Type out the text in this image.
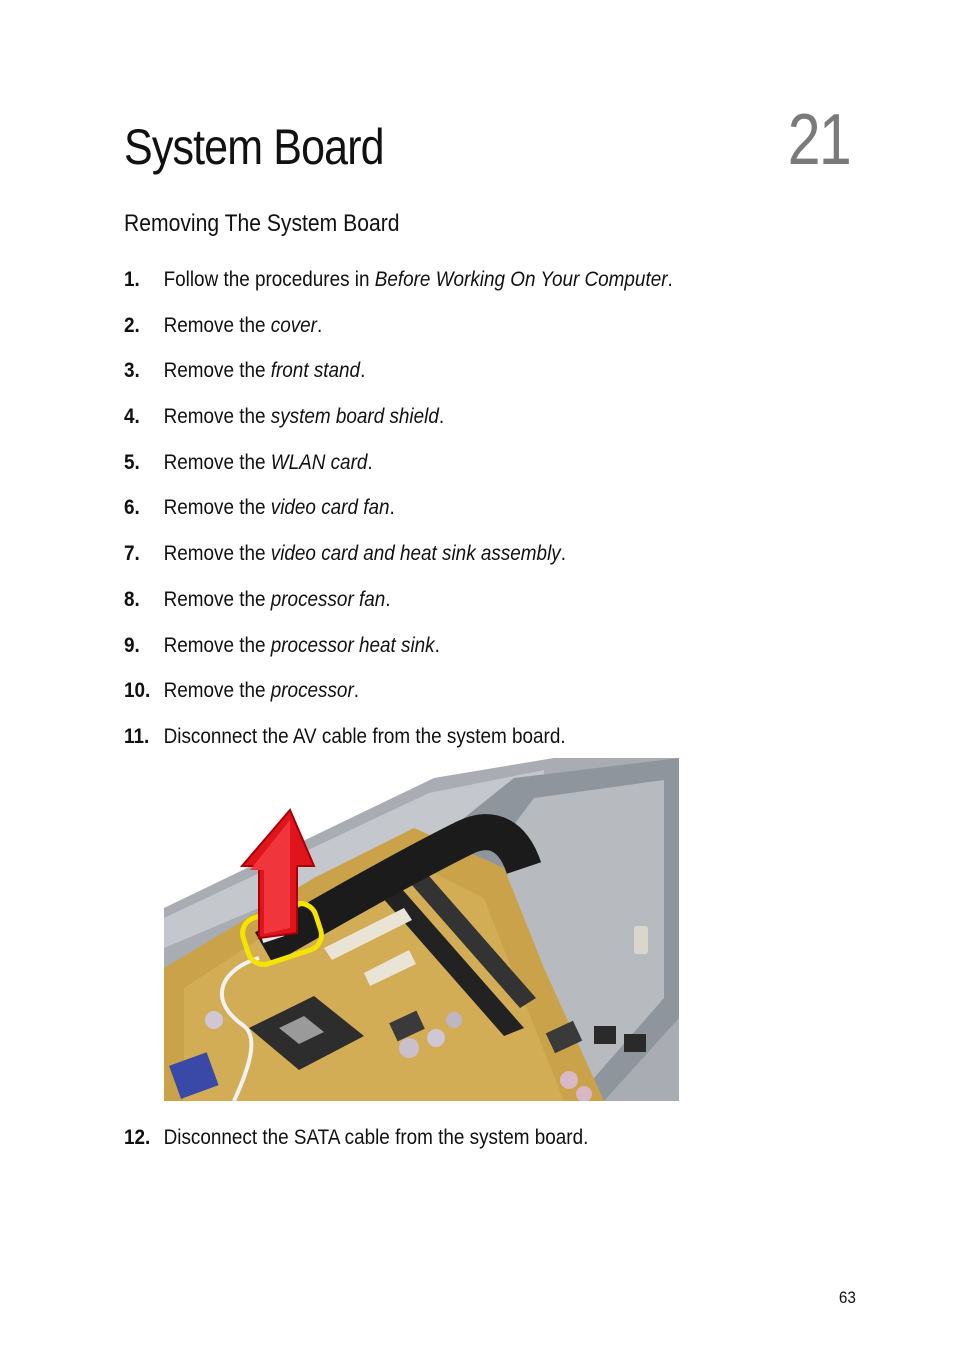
System Board	21
Removing The System Board
1. Follow the procedures in Before Working On Your Computer.
2. Remove the cover.
3. Remove the front stand.
4. Remove the system board shield.
5. Remove the WLAN card.
6. Remove the video card fan.
7. Remove the video card and heat sink assembly.
8. Remove the processor fan.
9. Remove the processor heat sink.
10. Remove the processor.
11. Disconnect the AV cable from the system board.
12. Disconnect the SATA cable from the system board.
63
